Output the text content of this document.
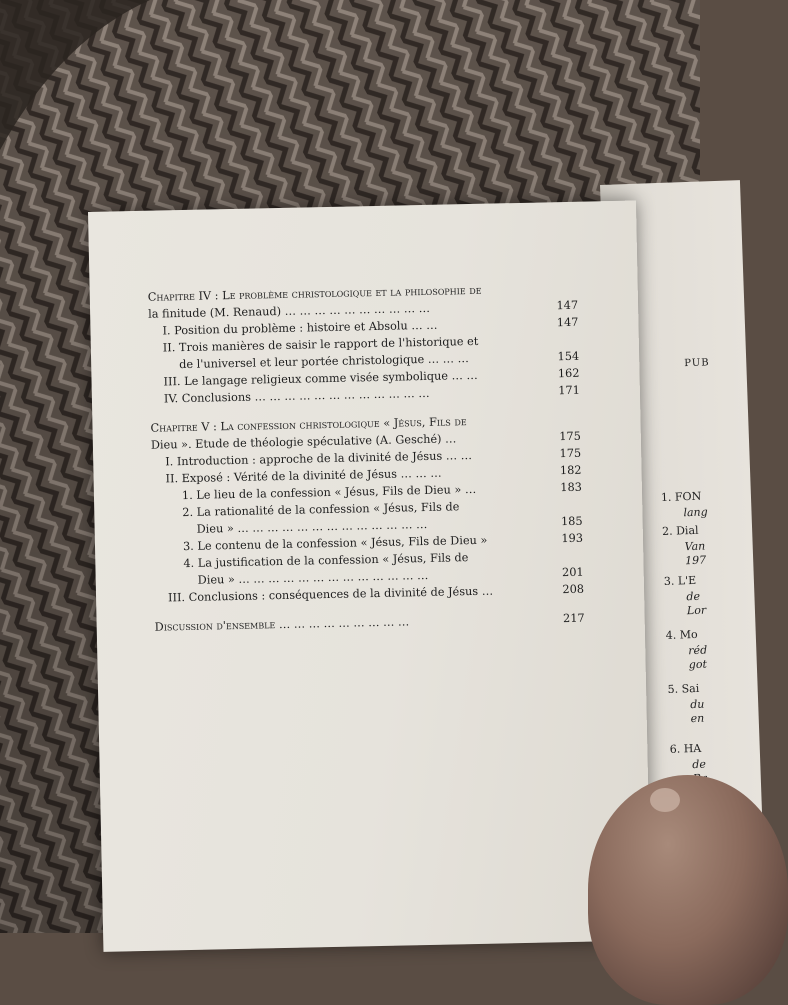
PUB
1. FON
lang
2. Dial
Van
197
3. L'E
de
Lor
4. Mo
réd
got
5. Sai
du
en
6. HA
de
Chapitre IV : Le problème christologique et la philosophie de
la finitude (M. Renaud) … … … … … … … … … …	147
I. Position du problème : histoire et Absolu … …	147
II. Trois manières de saisir le rapport de l'historique et
de l'universel et leur portée christologique … … …	154
III. Le langage religieux comme visée symbolique … …	162
IV. Conclusions … … … … … … … … … … … …	171
Chapitre V : La confession christologique « Jésus, Fils de
Dieu ». Etude de théologie spéculative (A. Gesché) …	175
I. Introduction : approche de la divinité de Jésus … …	175
II. Exposé : Vérité de la divinité de Jésus … … …	182
1. Le lieu de la confession « Jésus, Fils de Dieu » …	183
2. La rationalité de la confession « Jésus, Fils de
Dieu » … … … … … … … … … … … … …	185
3. Le contenu de la confession « Jésus, Fils de Dieu »	193
4. La justification de la confession « Jésus, Fils de
Dieu » … … … … … … … … … … … … …	201
III. Conclusions : conséquences de la divinité de Jésus …	208
Discussion d'ensemble … … … … … … … … …	217
